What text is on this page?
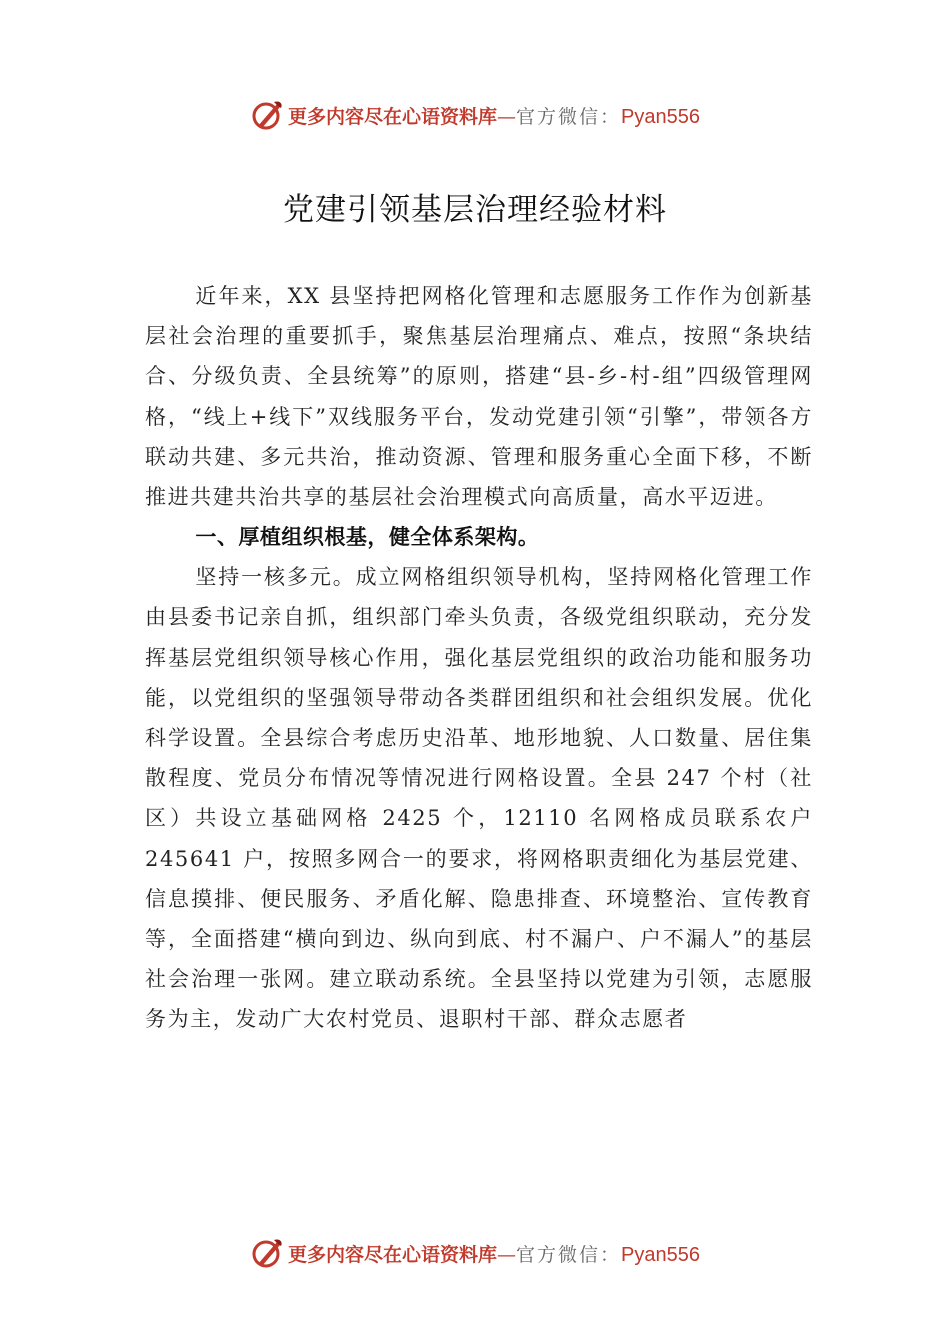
更多内容尽在心语资料库—官方微信：Pyan556
党建引领基层治理经验材料

近年来，XX 县坚持把网格化管理和志愿服务工作作为创新基层社会治理的重要抓手，聚焦基层治理痛点、难点，按照“条块结合、分级负责、全县统筹”的原则，搭建“县-乡-村-组”四级管理网格，“线上+线下”双线服务平台，发动党建引领“引擎”，带领各方联动共建、多元共治，推动资源、管理和服务重心全面下移，不断推进共建共治共享的基层社会治理模式向高质量，高水平迈进。

一、厚植组织根基，健全体系架构。

坚持一核多元。成立网格组织领导机构，坚持网格化管理工作由县委书记亲自抓，组织部门牵头负责，各级党组织联动，充分发挥基层党组织领导核心作用，强化基层党组织的政治功能和服务功能，以党组织的坚强领导带动各类群团组织和社会组织发展。优化科学设置。全县综合考虑历史沿革、地形地貌、人口数量、居住集散程度、党员分布情况等情况进行网格设置。全县 247 个村（社区）共设立基础网格 2425 个，12110 名网格成员联系农户 245641 户，按照多网合一的要求，将网格职责细化为基层党建、信息摸排、便民服务、矛盾化解、隐患排查、环境整治、宣传教育等，全面搭建“横向到边、纵向到底、村不漏户、户不漏人”的基层社会治理一张网。建立联动系统。全县坚持以党建为引领，志愿服务为主，发动广大农村党员、退职村干部、群众志愿者

更多内容尽在心语资料库—官方微信：Pyan556
